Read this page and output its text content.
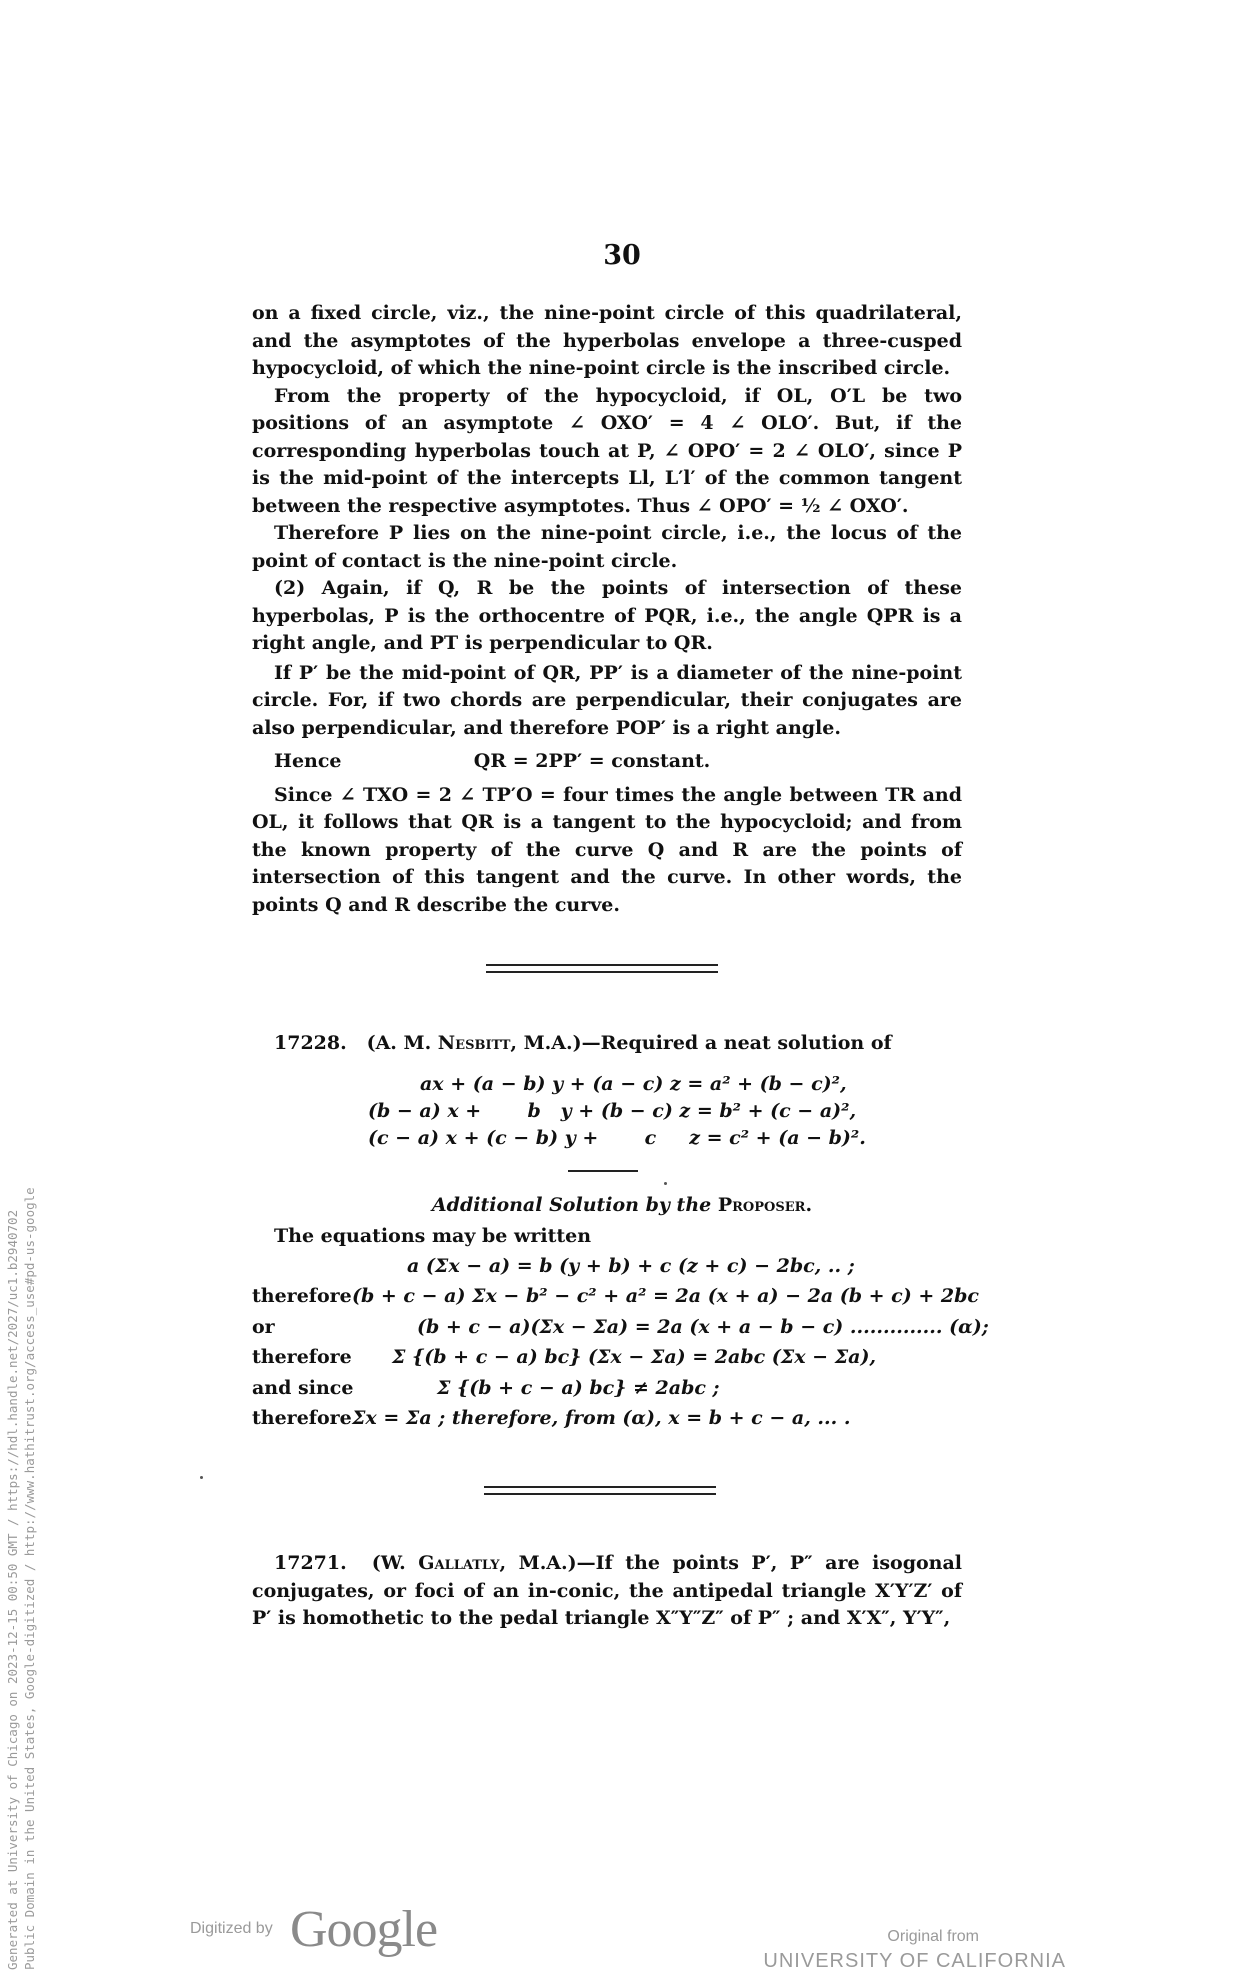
30

on a fixed circle, viz., the nine-point circle of this quadrilateral, and the asymptotes of the hyperbolas envelope a three-cusped hypocycloid, of which the nine-point circle is the inscribed circle.

From the property of the hypocycloid, if OL, O′L be two positions of an asymptote ∠ OXO′ = 4 ∠ OLO′. But, if the corresponding hyperbolas touch at P, ∠ OPO′ = 2 ∠ OLO′, since P is the mid-point of the intercepts Ll, L′l′ of the common tangent between the respective asymptotes. Thus ∠ OPO′ = ½ ∠ OXO′.

Therefore P lies on the nine-point circle, i.e., the locus of the point of contact is the nine-point circle.

(2) Again, if Q, R be the points of intersection of these hyperbolas, P is the orthocentre of PQR, i.e., the angle QPR is a right angle, and PT is perpendicular to QR.

If P′ be the mid-point of QR, PP′ is a diameter of the nine-point circle. For, if two chords are perpendicular, their conjugates are also perpendicular, and therefore POP′ is a right angle.

Hence                    QR = 2PP′ = constant.

Since ∠ TXO = 2 ∠ TP′O = four times the angle between TR and OL, it follows that QR is a tangent to the hypocycloid; and from the known property of the curve Q and R are the points of intersection of this tangent and the curve. In other words, the points Q and R describe the curve.

17228. (A. M. Nesbitt, M.A.)—Required a neat solution of
ax + (a − b) y + (a − c) z = a² + (b − c)²,
(b − a) x +       b   y + (b − c) z = b² + (c − a)²,
(c − a) x + (c − b) y +       c     z = c² + (a − b)².
Additional Solution by the Proposer.
The equations may be written
a (Σx − a) = b (y + b) + c (z + c) − 2bc, .. ;
therefore(b + c − a) Σx − b² − c² + a² = 2a (x + a) − 2a (b + c) + 2bc
or	(b + c − a)(Σx − Σa) = 2a (x + a − b − c) .............. (α);
therefore Σ {(b + c − a) bc} (Σx − Σa) = 2abc (Σx − Σa),
and since	Σ {(b + c − a) bc} ≠ 2abc ;
thereforeΣx = Σa ; therefore, from (α), x = b + c − a, ... .

17271. (W. Gallatly, M.A.)—If the points P′, P″ are isogonal conjugates, or foci of an in-conic, the antipedal triangle X′Y′Z′ of P′ is homothetic to the pedal triangle X″Y″Z″ of P″ ; and X′X″, Y′Y″,

Generated at University of Chicago on 2023-12-15 00:50 GMT / https://hdl.handle.net/2027/uc1.b2940702 Public Domain in the United States, Google-digitized / http://www.hathitrust.org/access_use#pd-us-google	Digitized by Google	Original from
UNIVERSITY OF CALIFORNIA
